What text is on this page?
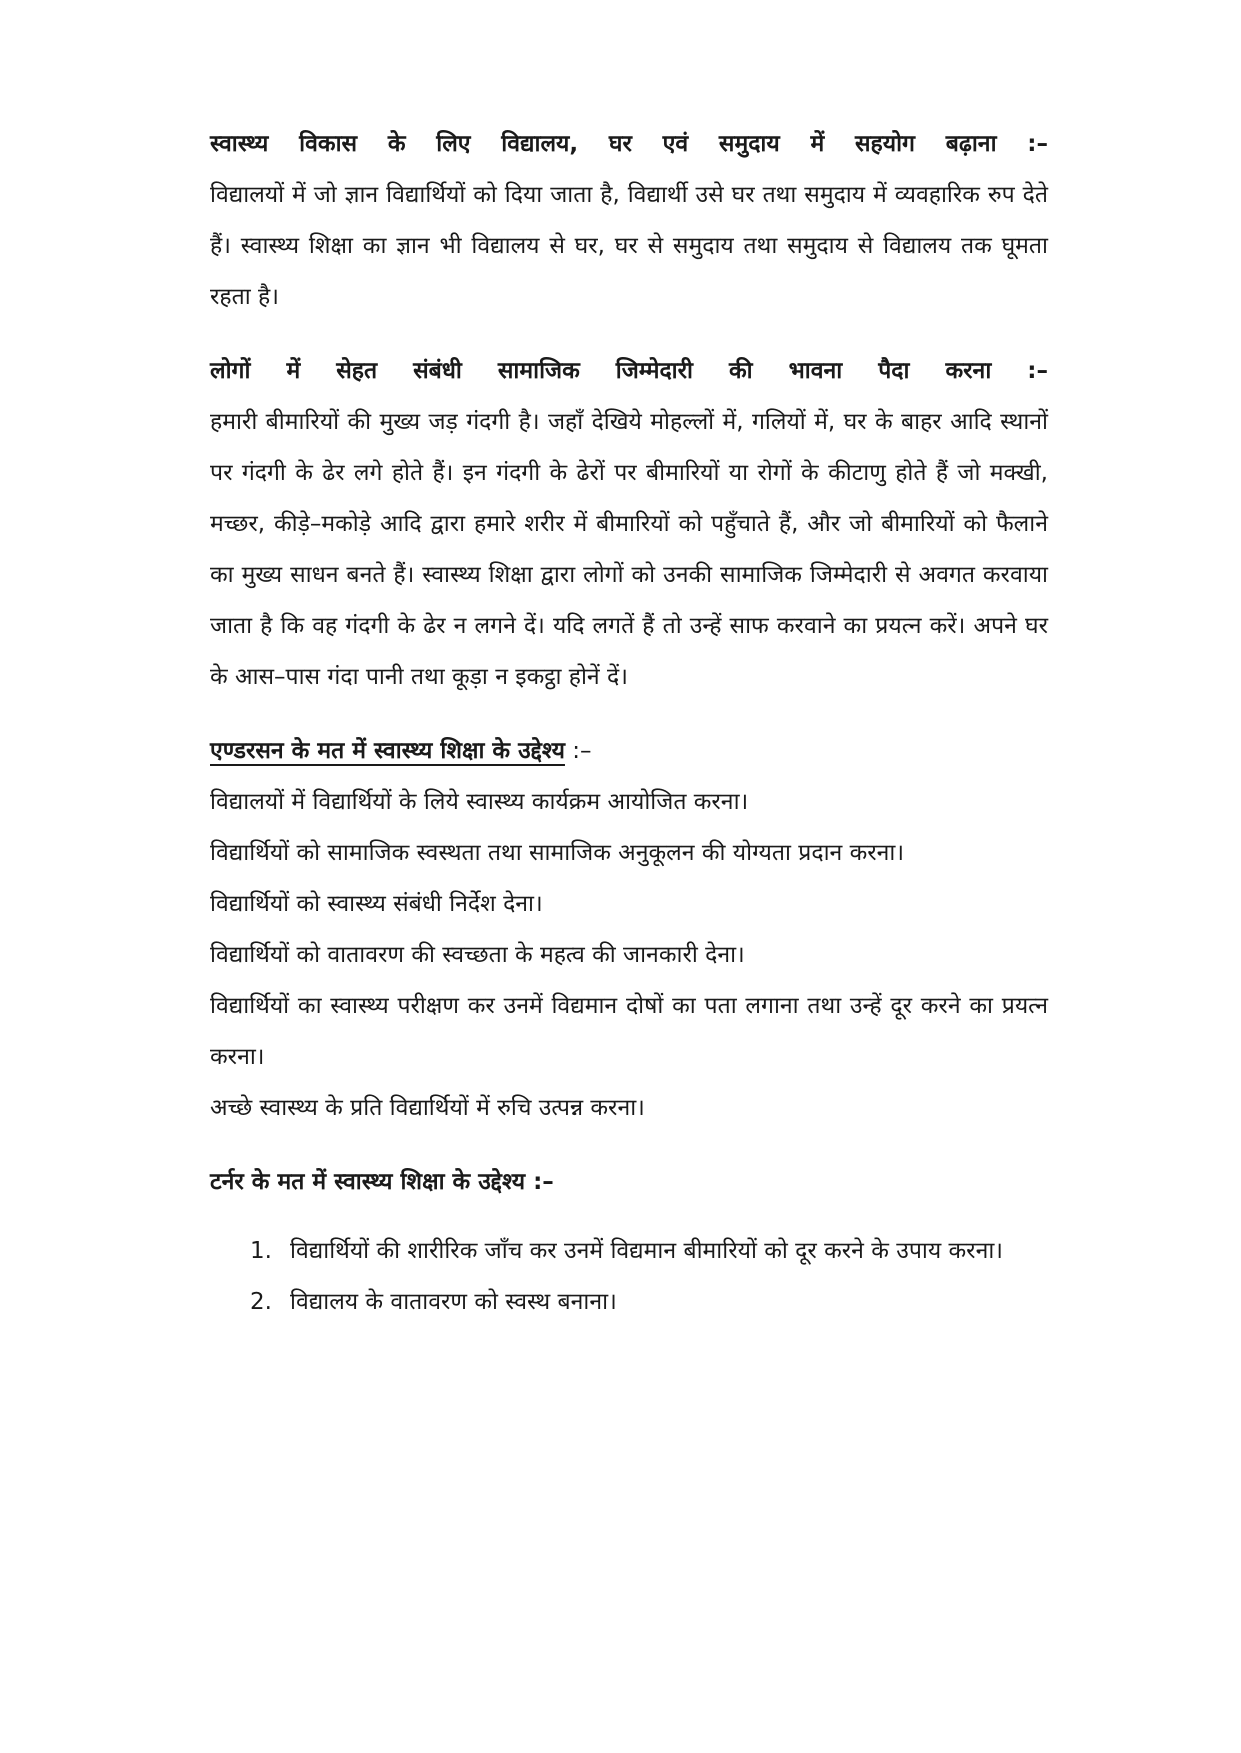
स्वास्थ्य विकास के लिए विद्यालय, घर एवं समुदाय में सहयोग बढ़ाना :–

विद्यालयों में जो ज्ञान विद्यार्थियों को दिया जाता है, विद्यार्थी उसे घर तथा समुदाय में व्यवहारिक रुप देते हैं। स्वास्थ्य शिक्षा का ज्ञान भी विद्यालय से घर, घर से समुदाय तथा समुदाय से विद्यालय तक घूमता रहता है।

लोगों में सेहत संबंधी सामाजिक जिम्मेदारी की भावना पैदा करना :–

हमारी बीमारियों की मुख्य जड़ गंदगी है। जहाँ देखिये मोहल्लों में, गलियों में, घर के बाहर आदि स्थानों पर गंदगी के ढेर लगे होते हैं। इन गंदगी के ढेरों पर बीमारियों या रोगों के कीटाणु होते हैं जो मक्खी, मच्छर, कीड़े–मकोड़े आदि द्वारा हमारे शरीर में बीमारियों को पहुँचाते हैं, और जो बीमारियों को फैलाने का मुख्य साधन बनते हैं। स्वास्थ्य शिक्षा द्वारा लोगों को उनकी सामाजिक जिम्मेदारी से अवगत करवाया जाता है कि वह गंदगी के ढेर न लगने दें। यदि लगतें हैं तो उन्हें साफ करवाने का प्रयत्न करें। अपने घर के आस–पास गंदा पानी तथा कूड़ा न इकट्ठा होनें दें।

एण्डरसन के मत में स्वास्थ्य शिक्षा के उद्देश्य :–

विद्यालयों में विद्यार्थियों के लिये स्वास्थ्य कार्यक्रम आयोजित करना।

विद्यार्थियों को सामाजिक स्वस्थता तथा सामाजिक अनुकूलन की योग्यता प्रदान करना।

विद्यार्थियों को स्वास्थ्य संबंधी निर्देश देना।

विद्यार्थियों को वातावरण की स्वच्छता के महत्व की जानकारी देना।

विद्यार्थियों का स्वास्थ्य परीक्षण कर उनमें विद्यमान दोषों का पता लगाना तथा उन्हें दूर करने का प्रयत्न करना।

अच्छे स्वास्थ्य के प्रति विद्यार्थियों में रुचि उत्पन्न करना।

टर्नर के मत में स्वास्थ्य शिक्षा के उद्देश्य :–

1. विद्यार्थियों की शारीरिक जाँच कर उनमें विद्यमान बीमारियों को दूर करने के उपाय करना।
2. विद्यालय के वातावरण को स्वस्थ बनाना।
